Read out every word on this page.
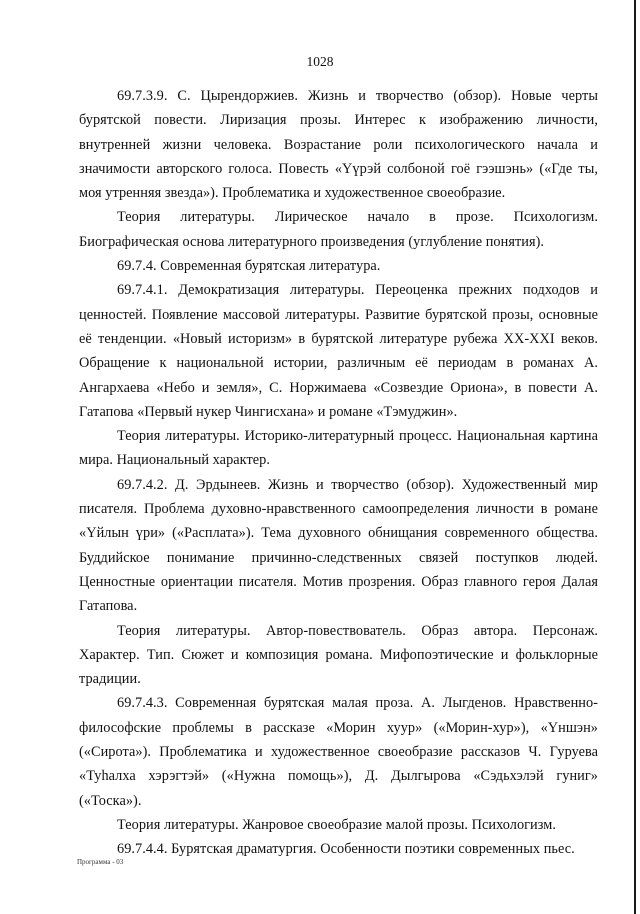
1028

69.7.3.9. С. Цырендоржиев. Жизнь и творчество (обзор). Новые черты бурятской повести. Лиризация прозы. Интерес к изображению личности, внутренней жизни человека. Возрастание роли психологического начала и значимости авторского голоса. Повесть «Үүрэй солбоной гоё гээшэнь» («Где ты, моя утренняя звезда»). Проблематика и художественное своеобразие.

Теория литературы. Лирическое начало в прозе. Психологизм. Биографическая основа литературного произведения (углубление понятия).

69.7.4. Современная бурятская литература.

69.7.4.1. Демократизация литературы. Переоценка прежних подходов и ценностей. Появление массовой литературы. Развитие бурятской прозы, основные её тенденции. «Новый историзм» в бурятской литературе рубежа XX-XXI веков. Обращение к национальной истории, различным её периодам в романах А. Ангархаева «Небо и земля», С. Норжимаева «Созвездие Ориона», в повести А. Гатапова «Первый нукер Чингисхана» и романе «Тэмуджин».

Теория литературы. Историко-литературный процесс. Национальная картина мира. Национальный характер.

69.7.4.2. Д. Эрдынеев. Жизнь и творчество (обзор). Художественный мир писателя. Проблема духовно-нравственного самоопределения личности в романе «Үйлын үри» («Расплата»). Тема духовного обнищания современного общества. Буддийское понимание причинно-следственных связей поступков людей. Ценностные ориентации писателя. Мотив прозрения. Образ главного героя Далая Гатапова.

Теория литературы. Автор-повествователь. Образ автора. Персонаж. Характер. Тип. Сюжет и композиция романа. Мифопоэтические и фольклорные традиции.

69.7.4.3. Современная бурятская малая проза. А. Лыгденов. Нравственно-философские проблемы в рассказе «Морин хуур» («Морин-хур»), «Үншэн» («Сирота»). Проблематика и художественное своеобразие рассказов Ч. Гуруева «Туһалха хэрэгтэй» («Нужна помощь»), Д. Дылгырова «Сэдьхэлэй гуниг» («Тоска»).

Теория литературы. Жанровое своеобразие малой прозы. Психологизм.

69.7.4.4. Бурятская драматургия. Особенности поэтики современных пьес.

Программа - 03
